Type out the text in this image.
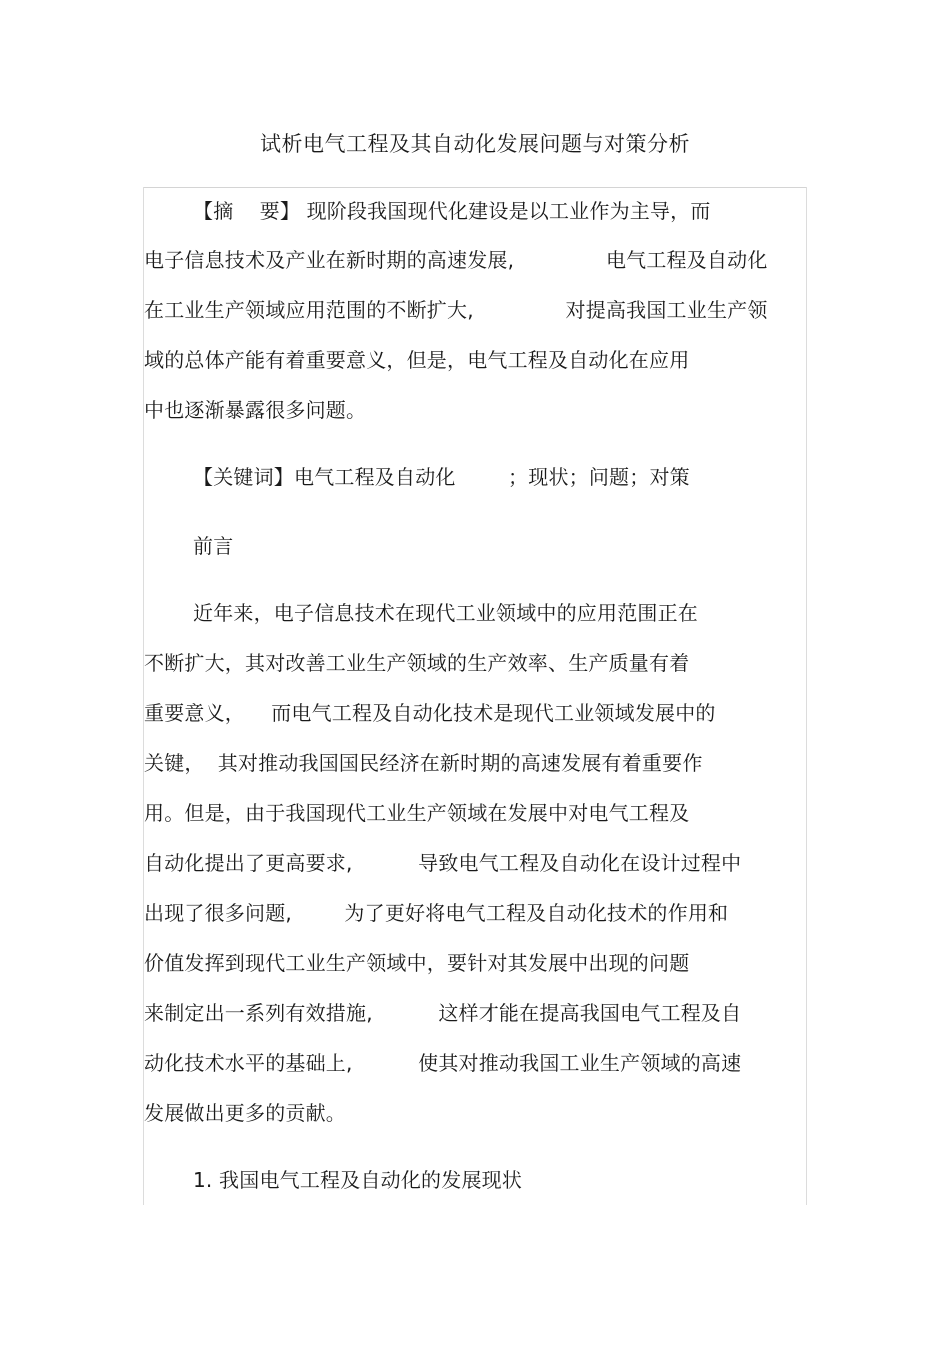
试析电气工程及其自动化发展问题与对策分析
【摘    要】 现阶段我国现代化建设是以工业作为主导，而
电子信息技术及产业在新时期的高速发展,              电气工程及自动化
在工业生产领域应用范围的不断扩大,              对提高我国工业生产领
域的总体产能有着重要意义，但是，电气工程及自动化在应用
中也逐渐暴露很多问题。
【关键词】电气工程及自动化        ；现状；问题；对策
前言
近年来，电子信息技术在现代工业领域中的应用范围正在
不断扩大，其对改善工业生产领域的生产效率、生产质量有着
重要意义，    而电气工程及自动化技术是现代工业领域发展中的
关键，  其对推动我国国民经济在新时期的高速发展有着重要作
用。但是，由于我国现代工业生产领域在发展中对电气工程及
自动化提出了更高要求,          导致电气工程及自动化在设计过程中
出现了很多问题,        为了更好将电气工程及自动化技术的作用和
价值发挥到现代工业生产领域中，要针对其发展中出现的问题
来制定出一系列有效措施,          这样才能在提高我国电气工程及自
动化技术水平的基础上,          使其对推动我国工业生产领域的高速
发展做出更多的贡献。
1. 我国电气工程及自动化的发展现状
